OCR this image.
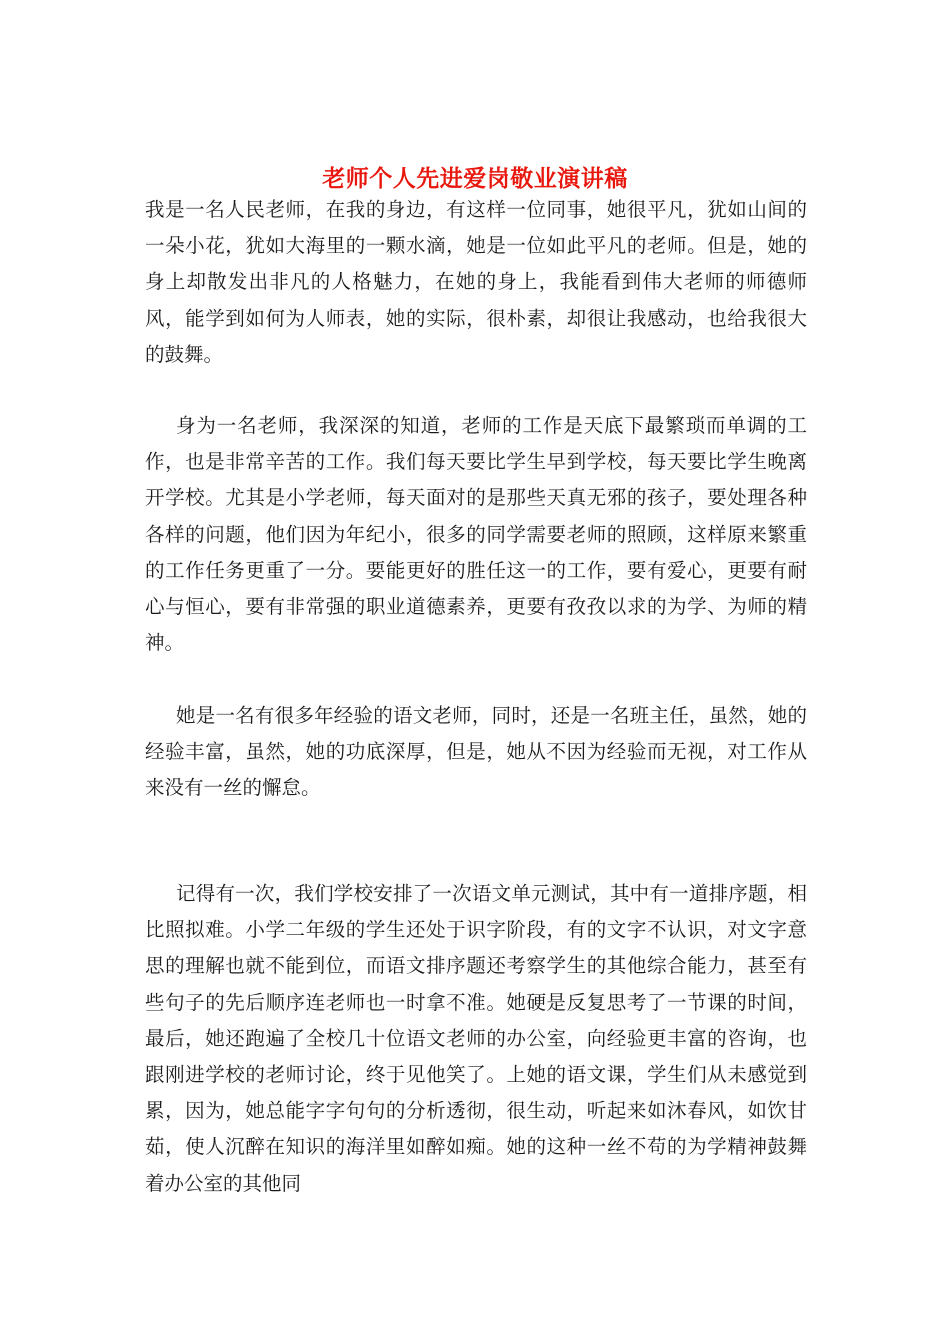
老师个人先进爱岗敬业演讲稿

我是一名人民老师，在我的身边，有这样一位同事，她很平凡，犹如山间的一朵小花，犹如大海里的一颗水滴，她是一位如此平凡的老师。但是，她的身上却散发出非凡的人格魅力，在她的身上，我能看到伟大老师的师德师风，能学到如何为人师表，她的实际，很朴素，却很让我感动，也给我很大的鼓舞。

身为一名老师，我深深的知道，老师的工作是天底下最繁琐而单调的工作，也是非常辛苦的工作。我们每天要比学生早到学校，每天要比学生晚离开学校。尤其是小学老师，每天面对的是那些天真无邪的孩子，要处理各种各样的问题，他们因为年纪小，很多的同学需要老师的照顾，这样原来繁重的工作任务更重了一分。要能更好的胜任这一的工作，要有爱心，更要有耐心与恒心，要有非常强的职业道德素养，更要有孜孜以求的为学、为师的精神。

她是一名有很多年经验的语文老师，同时，还是一名班主任，虽然，她的经验丰富，虽然，她的功底深厚，但是，她从不因为经验而无视，对工作从来没有一丝的懈怠。

记得有一次，我们学校安排了一次语文单元测试，其中有一道排序题，相比照拟难。小学二年级的学生还处于识字阶段，有的文字不认识，对文字意思的理解也就不能到位，而语文排序题还考察学生的其他综合能力，甚至有些句子的先后顺序连老师也一时拿不准。她硬是反复思考了一节课的时间，最后，她还跑遍了全校几十位语文老师的办公室，向经验更丰富的咨询，也跟刚进学校的老师讨论，终于见他笑了。上她的语文课，学生们从未感觉到累，因为，她总能字字句句的分析透彻，很生动，听起来如沐春风，如饮甘茹，使人沉醉在知识的海洋里如醉如痴。她的这种一丝不苟的为学精神鼓舞着办公室的其他同
